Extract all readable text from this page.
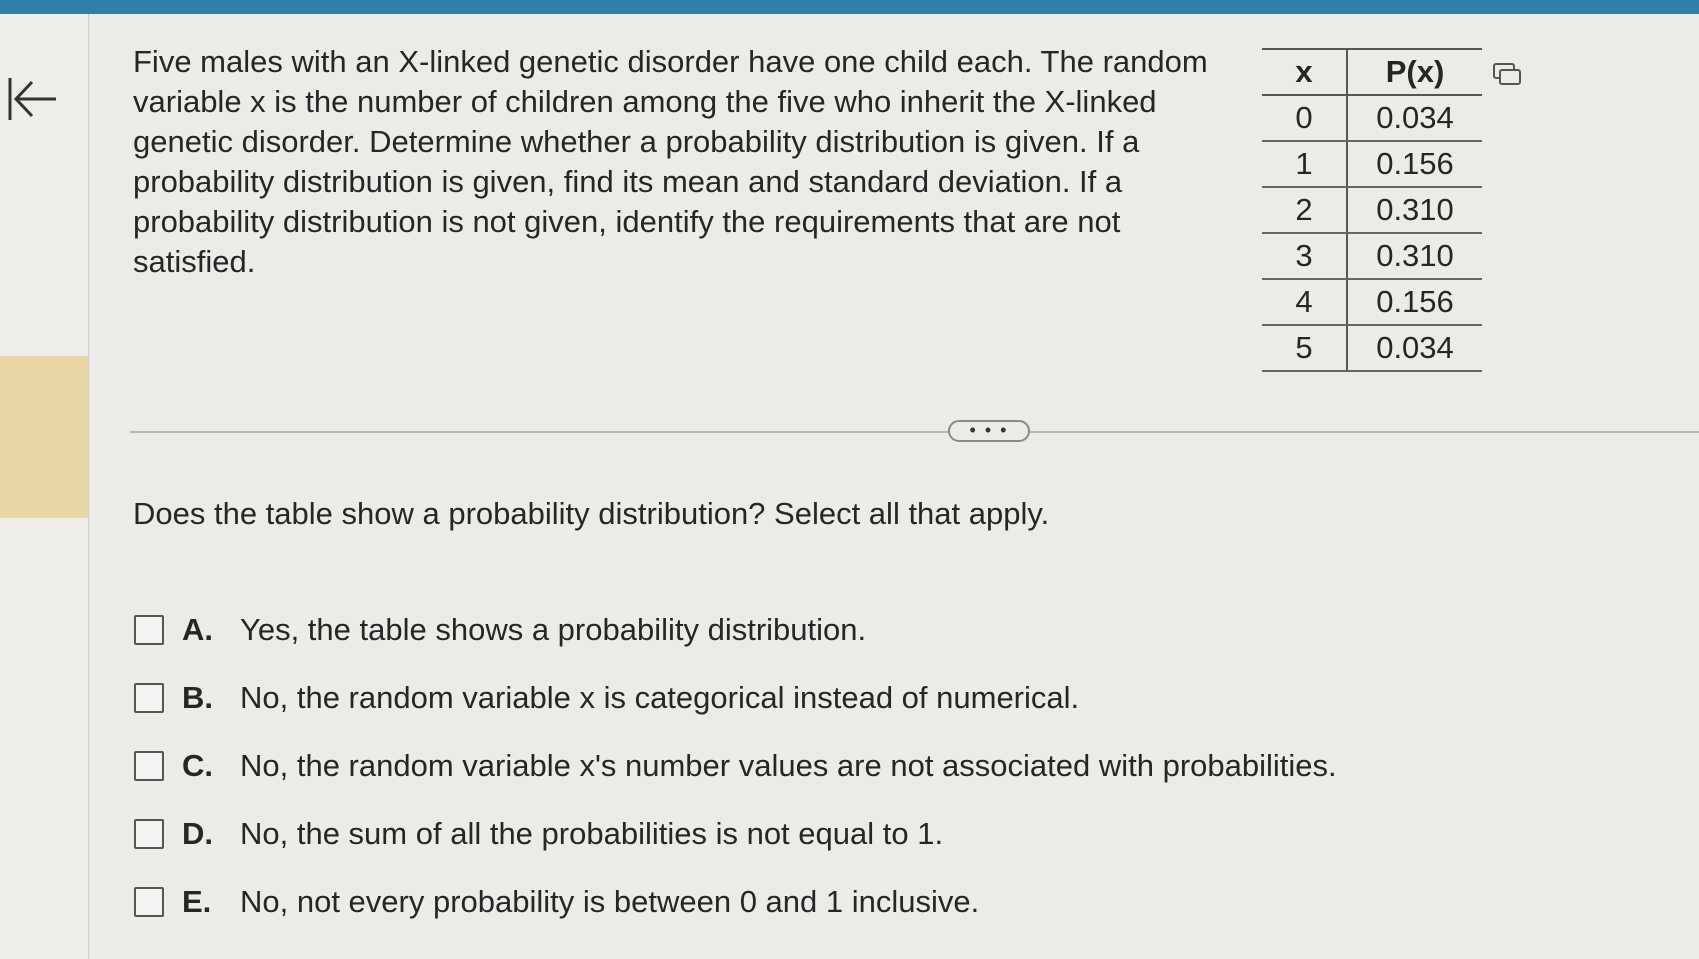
Five males with an X-linked genetic disorder have one child each. The random variable x is the number of children among the five who inherit the X-linked genetic disorder. Determine whether a probability distribution is given. If a probability distribution is given, find its mean and standard deviation. If a probability distribution is not given, identify the requirements that are not satisfied.
x	P(x)
0	0.034
1	0.156
2	0.310
3	0.310
4	0.156
5	0.034
• • •
Does the table show a probability distribution? Select all that apply.
A. Yes, the table shows a probability distribution.
B. No, the random variable x is categorical instead of numerical.
C. No, the random variable x's number values are not associated with probabilities.
D. No, the sum of all the probabilities is not equal to 1.
E. No, not every probability is between 0 and 1 inclusive.
